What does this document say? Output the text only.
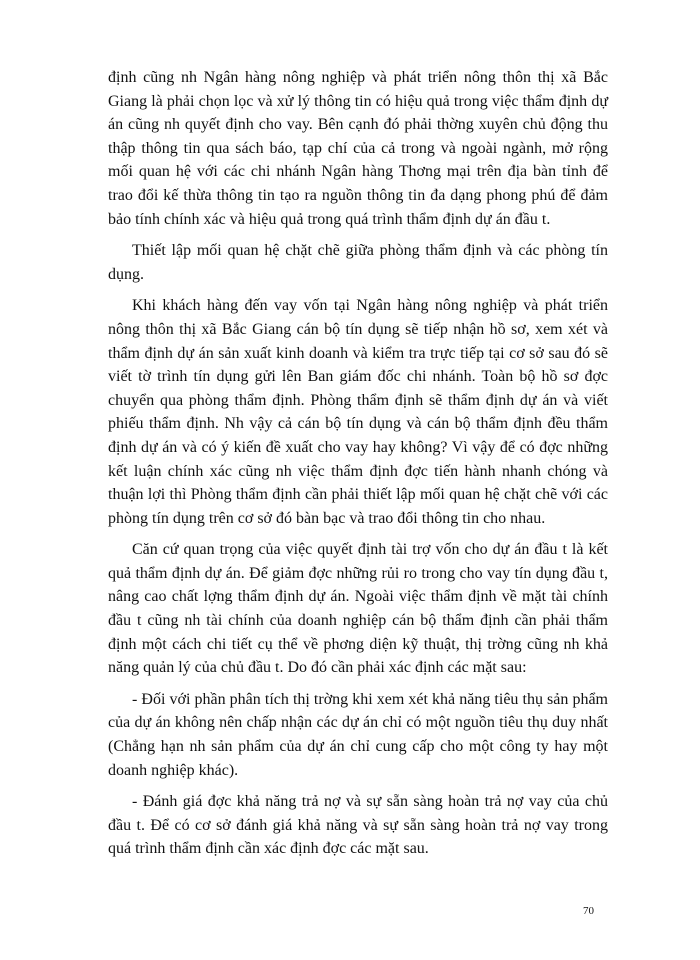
định cũng nh Ngân hàng nông nghiệp và phát triển nông thôn thị xã Bắc Giang là phải chọn lọc và xử lý thông tin có hiệu quả trong việc thẩm định dự án cũng nh quyết định cho vay. Bên cạnh đó phải thờng xuyên chủ động thu thập thông tin qua sách báo, tạp chí của cả trong và ngoài ngành, mở rộng mối quan hệ với các chi nhánh Ngân hàng Thơng mại trên địa bàn tỉnh để trao đổi kế thừa thông tin tạo ra nguồn thông tin đa dạng phong phú để đảm bảo tính chính xác và hiệu quả trong quá trình thẩm định dự án đầu t.

Thiết lập mối quan hệ chặt chẽ giữa phòng thẩm định và các phòng tín dụng.

Khi khách hàng đến vay vốn tại Ngân hàng nông nghiệp và phát triển nông thôn thị xã Bắc Giang cán bộ tín dụng sẽ tiếp nhận hồ sơ, xem xét và thẩm định dự án sản xuất kinh doanh và kiểm tra trực tiếp tại cơ sở sau đó sẽ viết tờ trình tín dụng gửi lên Ban giám đốc chi nhánh. Toàn bộ hồ sơ đợc chuyển qua phòng thẩm định. Phòng thẩm định sẽ thẩm định dự án và viết phiếu thẩm định. Nh vậy cả cán bộ tín dụng và cán bộ thẩm định đều thẩm định dự án và có ý kiến đề xuất cho vay hay không? Vì vậy để có đợc những kết luận chính xác cũng nh việc thẩm định đợc tiến hành nhanh chóng và thuận lợi thì Phòng thẩm định cần phải thiết lập mối quan hệ chặt chẽ với các phòng tín dụng trên cơ sở đó bàn bạc và trao đổi thông tin cho nhau.

Căn cứ quan trọng của việc quyết định tài trợ vốn cho dự án đầu t là kết quả thẩm định dự án. Để giảm đợc những rủi ro trong cho vay tín dụng đầu t, nâng cao chất lợng thẩm định dự án. Ngoài việc thẩm định về mặt tài chính đầu t cũng nh tài chính của doanh nghiệp cán bộ thẩm định cần phải thẩm định một cách chi tiết cụ thể về phơng diện kỹ thuật, thị trờng cũng nh khả năng quản lý của chủ đầu t. Do đó cần phải xác định các mặt sau:

- Đối với phần phân tích thị trờng khi xem xét khả năng tiêu thụ sản phẩm của dự án không nên chấp nhận các dự án chỉ có một nguồn tiêu thụ duy nhất (Chẳng hạn nh sản phẩm của dự án chỉ cung cấp cho một công ty hay một doanh nghiệp khác).

- Đánh giá đợc khả năng trả nợ và sự sẵn sàng hoàn trả nợ vay của chủ đầu t. Để có cơ sở đánh giá khả năng và sự sẵn sàng hoàn trả nợ vay trong quá trình thẩm định cần xác định đợc các mặt sau.

70
